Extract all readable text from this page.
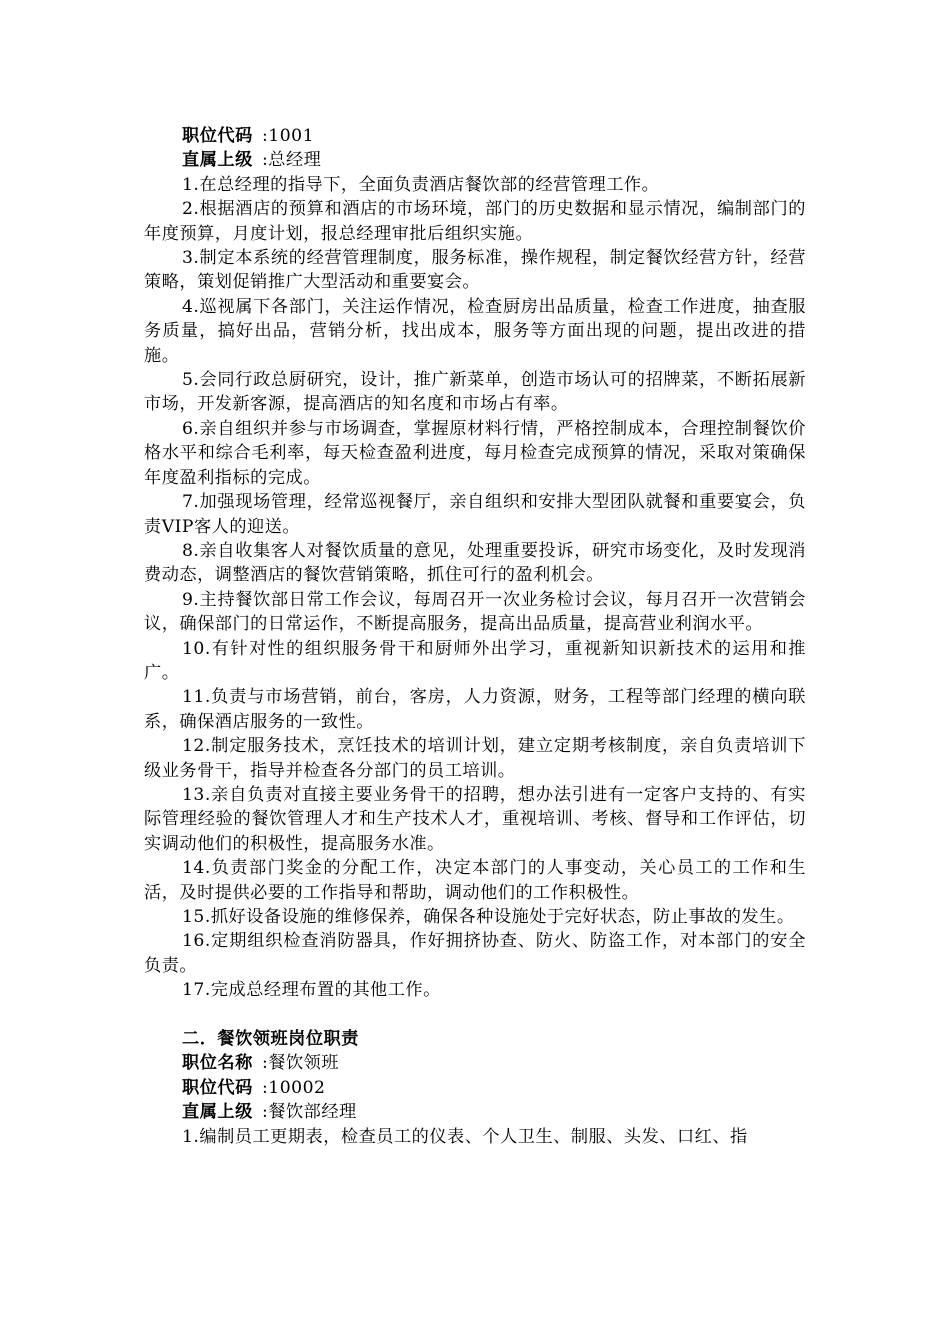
职位代码 :1001
直属上级 :总经理
1.在总经理的指导下，全面负责酒店餐饮部的经营管理工作。
2.根据酒店的预算和酒店的市场环境，部门的历史数据和显示情况，编制部门的年度预算，月度计划，报总经理审批后组织实施。
3.制定本系统的经营管理制度，服务标准，操作规程，制定餐饮经营方针，经营策略，策划促销推广大型活动和重要宴会。
4.巡视属下各部门，关注运作情况，检查厨房出品质量，检查工作进度，抽查服务质量，搞好出品，营销分析，找出成本，服务等方面出现的问题，提出改进的措施。
5.会同行政总厨研究，设计，推广新菜单，创造市场认可的招牌菜，不断拓展新市场，开发新客源，提高酒店的知名度和市场占有率。
6.亲自组织并参与市场调查，掌握原材料行情，严格控制成本，合理控制餐饮价格水平和综合毛利率，每天检查盈利进度，每月检查完成预算的情况，采取对策确保年度盈利指标的完成。
7.加强现场管理，经常巡视餐厅，亲自组织和安排大型团队就餐和重要宴会，负责VIP客人的迎送。
8.亲自收集客人对餐饮质量的意见，处理重要投诉，研究市场变化，及时发现消费动态，调整酒店的餐饮营销策略，抓住可行的盈利机会。
9.主持餐饮部日常工作会议，每周召开一次业务检讨会议，每月召开一次营销会议，确保部门的日常运作，不断提高服务，提高出品质量，提高营业利润水平。
10.有针对性的组织服务骨干和厨师外出学习，重视新知识新技术的运用和推广。
11.负责与市场营销，前台，客房，人力资源，财务，工程等部门经理的横向联系，确保酒店服务的一致性。
12.制定服务技术，烹饪技术的培训计划，建立定期考核制度，亲自负责培训下级业务骨干，指导并检查各分部门的员工培训。
13.亲自负责对直接主要业务骨干的招聘，想办法引进有一定客户支持的、有实际管理经验的餐饮管理人才和生产技术人才，重视培训、考核、督导和工作评估，切实调动他们的积极性，提高服务水准。
14.负责部门奖金的分配工作，决定本部门的人事变动，关心员工的工作和生活，及时提供必要的工作指导和帮助，调动他们的工作积极性。
15.抓好设备设施的维修保养，确保各种设施处于完好状态，防止事故的发生。
16.定期组织检查消防器具，作好拥挤协查、防火、防盗工作，对本部门的安全负责。
17.完成总经理布置的其他工作。
二．餐饮领班岗位职责
职位名称 :餐饮领班
职位代码 :10002
直属上级 :餐饮部经理
1.编制员工更期表，检查员工的仪表、个人卫生、制服、头发、口红、指
